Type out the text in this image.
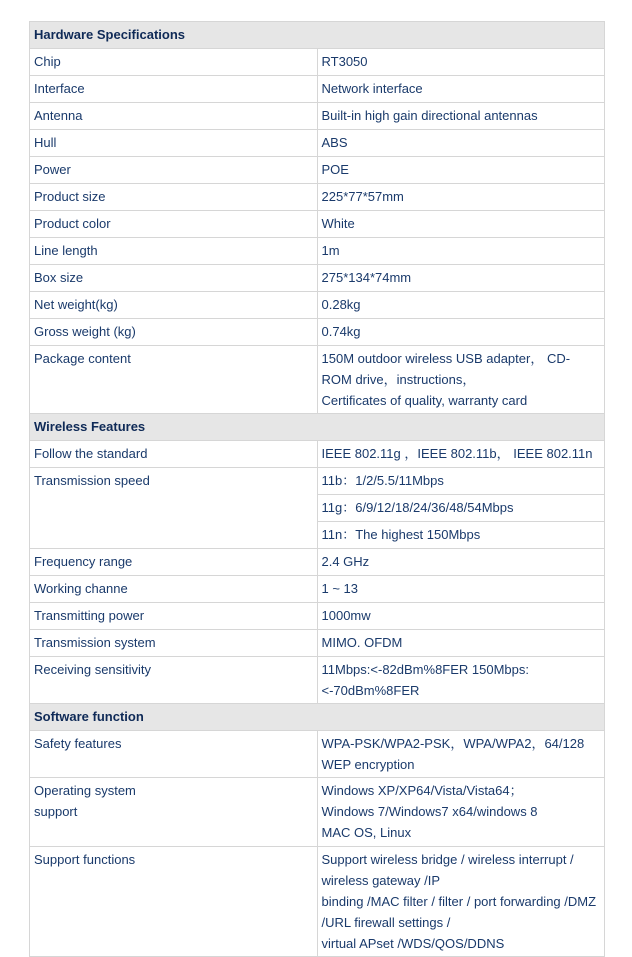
Hardware Specifications	
Chip	RT3050
Interface	Network interface
Antenna	Built-in high gain directional antennas
Hull	ABS
Power	POE
Product size	225*77*57mm
Product color	White
Line length	1m
Box size	275*134*74mm
Net weight(kg)	0.28kg
Gross weight (kg)	0.74kg
Package content	150M outdoor wireless USB adapter， CD-ROM drive，instructions，
Certificates of quality, warranty card

Wireless Features	
Follow the standard	IEEE 802.11g ，IEEE 802.11b， IEEE 802.11n
Transmission speed	11b：1/2/5.5/11Mbps
	11g：6/9/12/18/24/36/48/54Mbps
	11n：The highest 150Mbps
Frequency range	2.4 GHz
Working channe	1 ~ 13
Transmitting power	1000mw
Transmission system	MIMO. OFDM
Receiving sensitivity	11Mbps:<-82dBm%8FER 150Mbps:<-70dBm%8FER
Software function	
Safety features	WPA-PSK/WPA2-PSK，WPA/WPA2，64/128 WEP encryption

Operating system
support	Windows XP/XP64/Vista/Vista64；
Windows 7/Windows7 x64/windows 8
MAC OS, Linux

Support functions	Support wireless bridge / wireless interrupt / wireless gateway /IP
binding /MAC filter / filter / port forwarding /DMZ /URL firewall settings /
virtual APset /WDS/QOS/DDNS
